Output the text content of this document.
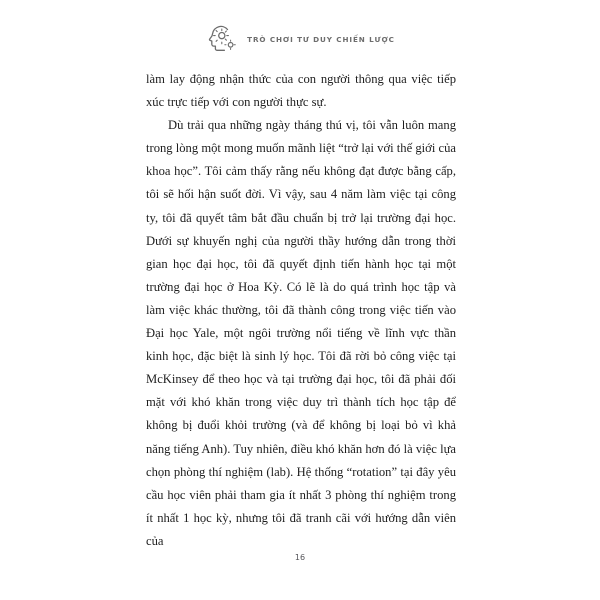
TRÒ CHƠI TƯ DUY CHIẾN LƯỢC

làm lay động nhận thức của con người thông qua việc tiếp xúc trực tiếp với con người thực sự.

Dù trải qua những ngày tháng thú vị, tôi vẫn luôn mang trong lòng một mong muốn mãnh liệt “trở lại với thế giới của khoa học”. Tôi cảm thấy rằng nếu không đạt được bằng cấp, tôi sẽ hối hận suốt đời. Vì vậy, sau 4 năm làm việc tại công ty, tôi đã quyết tâm bắt đầu chuẩn bị trở lại trường đại học. Dưới sự khuyến nghị của người thầy hướng dẫn trong thời gian học đại học, tôi đã quyết định tiến hành học tại một trường đại học ở Hoa Kỳ. Có lẽ là do quá trình học tập và làm việc khác thường, tôi đã thành công trong việc tiến vào Đại học Yale, một ngôi trường nổi tiếng về lĩnh vực thần kinh học, đặc biệt là sinh lý học. Tôi đã rời bỏ công việc tại McKinsey để theo học và tại trường đại học, tôi đã phải đối mặt với khó khăn trong việc duy trì thành tích học tập để không bị đuổi khỏi trường (và để không bị loại bỏ vì khả năng tiếng Anh). Tuy nhiên, điều khó khăn hơn đó là việc lựa chọn phòng thí nghiệm (lab). Hệ thống “rotation” tại đây yêu cầu học viên phải tham gia ít nhất 3 phòng thí nghiệm trong ít nhất 1 học kỳ, nhưng tôi đã tranh cãi với hướng dẫn viên của

16
